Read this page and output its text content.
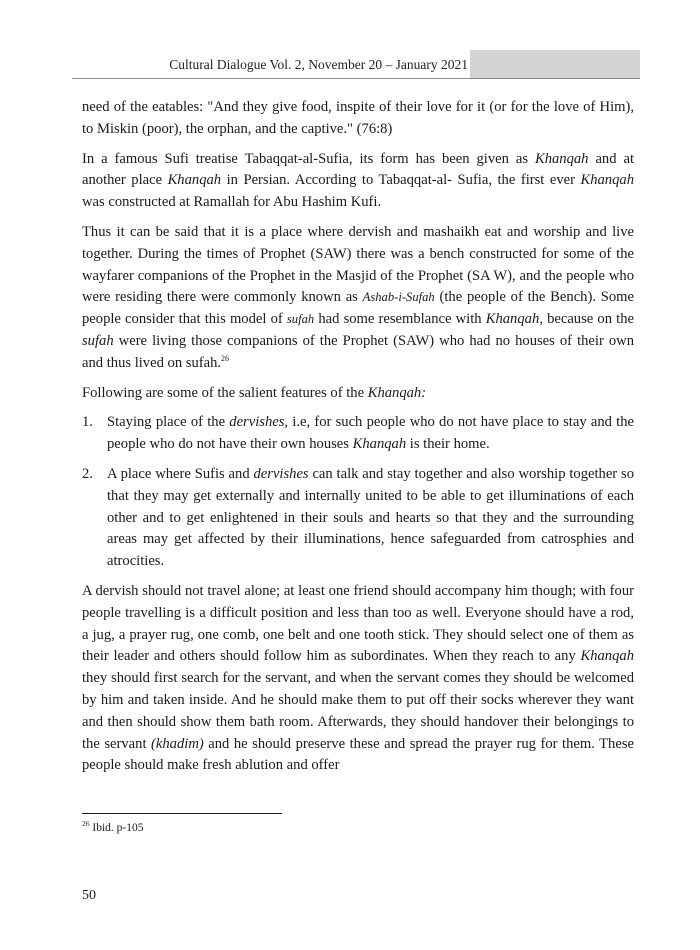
Cultural Dialogue Vol. 2, November 20 – January 2021

need of the eatables: "And they give food, inspite of their love for it (or for the love of Him), to Miskin (poor), the orphan, and the captive." (76:8)

In a famous Sufi treatise Tabaqqat-al-Sufia, its form has been given as Khanqah and at another place Khanqah in Persian. According to Tabaqqat-al- Sufia, the first ever Khanqah was constructed at Ramallah for Abu Hashim Kufi.

Thus it can be said that it is a place where dervish and mashaikh eat and worship and live together. During the times of Prophet (SAW) there was a bench constructed for some of the wayfarer companions of the Prophet in the Masjid of the Prophet (SA W), and the people who were residing there were commonly known as Ashab-i-Sufah (the people of the Bench). Some people consider that this model of sufah had some resemblance with Khanqah, because on the sufah were living those companions of the Prophet (SAW) who had no houses of their own and thus lived on sufah.$^{26}$

Following are some of the salient features of the Khanqah:

1. Staying place of the dervishes, i.e, for such people who do not have place to stay and the people who do not have their own houses Khanqah is their home.
2. A place where Sufis and dervishes can talk and stay together and also worship together so that they may get externally and internally united to be able to get illuminations of each other and to get enlightened in their souls and hearts so that they and the surrounding areas may get affected by their illuminations, hence safeguarded from catrosphies and atrocities.

A dervish should not travel alone; at least one friend should accompany him though; with four people travelling is a difficult position and less than too as well. Everyone should have a rod, a jug, a prayer rug, one comb, one belt and one tooth stick. They should select one of them as their leader and others should follow him as subordinates. When they reach to any Khanqah they should first search for the servant, and when the servant comes they should be welcomed by him and taken inside. And he should make them to put off their socks wherever they want and then should show them bath room. Afterwards, they should handover their belongings to the servant (khadim) and he should preserve these and spread the prayer rug for them. These people should make fresh ablution and offer

$^{26}$ Ibid. p-105
50
